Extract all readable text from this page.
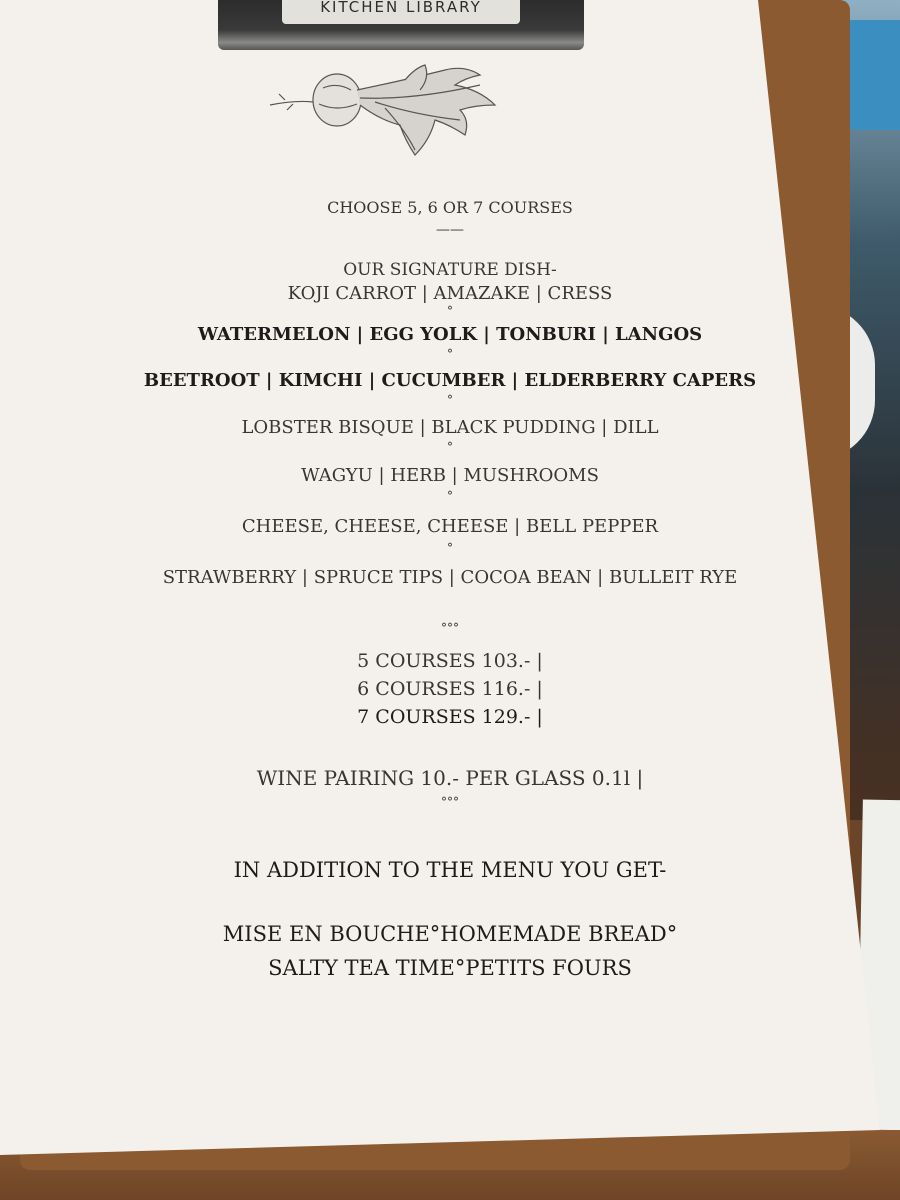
KITCHEN LIBRARY
CHOOSE 5, 6 OR 7 COURSES
——
OUR SIGNATURE DISH-
KOJI CARROT | AMAZAKE | CRESS
°
WATERMELON | EGG YOLK | TONBURI | LANGOS
°
BEETROOT | KIMCHI | CUCUMBER | ELDERBERRY CAPERS
°
LOBSTER BISQUE | BLACK PUDDING | DILL
°
WAGYU | HERB | MUSHROOMS
°
CHEESE, CHEESE, CHEESE | BELL PEPPER
°
STRAWBERRY | SPRUCE TIPS | COCOA BEAN | BULLEIT RYE
°°°
5 COURSES 103.- |
6 COURSES 116.- |
7 COURSES 129.- |
WINE PAIRING 10.- PER GLASS 0.1l |
°°°
IN ADDITION TO THE MENU YOU GET-
MISE EN BOUCHE°HOMEMADE BREAD°
SALTY TEA TIME°PETITS FOURS
